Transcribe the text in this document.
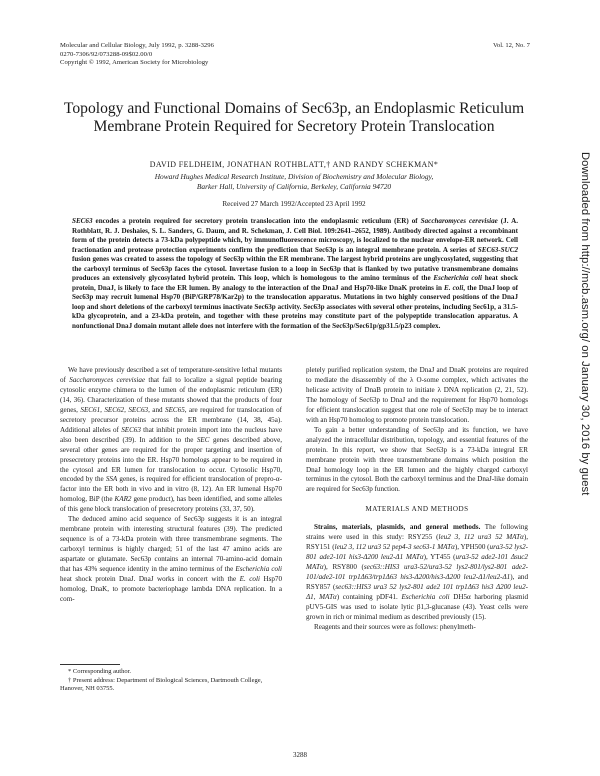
Molecular and Cellular Biology, July 1992, p. 3288-3296
0270-7306/92/073288-09$02.00/0
Copyright © 1992, American Society for Microbiology
Vol. 12, No. 7
Downloaded from http://mcb.asm.org/ on January 30, 2016 by guest
Topology and Functional Domains of Sec63p, an Endoplasmic Reticulum Membrane Protein Required for Secretory Protein Translocation
DAVID FELDHEIM, JONATHAN ROTHBLATT,† AND RANDY SCHEKMAN*
Howard Hughes Medical Research Institute, Division of Biochemistry and Molecular Biology,
Barker Hall, University of California, Berkeley, California 94720
Received 27 March 1992/Accepted 23 April 1992

SEC63 encodes a protein required for secretory protein translocation into the endoplasmic reticulum (ER) of Saccharomyces cerevisiae (J. A. Rothblatt, R. J. Deshaies, S. L. Sanders, G. Daum, and R. Schekman, J. Cell Biol. 109:2641–2652, 1989). Antibody directed against a recombinant form of the protein detects a 73-kDa polypeptide which, by immunofluorescence microscopy, is localized to the nuclear envelope-ER network. Cell fractionation and protease protection experiments confirm the prediction that Sec63p is an integral membrane protein. A series of SEC63-SUC2 fusion genes was created to assess the topology of Sec63p within the ER membrane. The largest hybrid proteins are unglycosylated, suggesting that the carboxyl terminus of Sec63p faces the cytosol. Invertase fusion to a loop in Sec63p that is flanked by two putative transmembrane domains produces an extensively glycosylated hybrid protein. This loop, which is homologous to the amino terminus of the Escherichia coli heat shock protein, DnaJ, is likely to face the ER lumen. By analogy to the interaction of the DnaJ and Hsp70-like DnaK proteins in E. coli, the DnaJ loop of Sec63p may recruit lumenal Hsp70 (BiP/GRP78/Kar2p) to the translocation apparatus. Mutations in two highly conserved positions of the DnaJ loop and short deletions of the carboxyl terminus inactivate Sec63p activity. Sec63p associates with several other proteins, including Sec61p, a 31.5-kDa glycoprotein, and a 23-kDa protein, and together with these proteins may constitute part of the polypeptide translocation apparatus. A nonfunctional DnaJ domain mutant allele does not interfere with the formation of the Sec63p/Sec61p/gp31.5/p23 complex.

We have previously described a set of temperature-sensitive lethal mutants of Saccharomyces cerevisiae that fail to localize a signal peptide bearing cytosolic enzyme chimera to the lumen of the endoplasmic reticulum (ER) (14, 36). Characterization of these mutants showed that the products of four genes, SEC61, SEC62, SEC63, and SEC65, are required for translocation of secretory precursor proteins across the ER membrane (14, 38, 45a). Additional alleles of SEC63 that inhibit protein import into the nucleus have also been described (39). In addition to the SEC genes described above, several other genes are required for the proper targeting and insertion of presecretory proteins into the ER. Hsp70 homologs appear to be required in the cytosol and ER lumen for translocation to occur. Cytosolic Hsp70, encoded by the SSA genes, is required for efficient translocation of prepro-α-factor into the ER both in vivo and in vitro (8, 12). An ER lumenal Hsp70 homolog, BiP (the KAR2 gene product), has been identified, and some alleles of this gene block translocation of presecretory proteins (33, 37, 50).

The deduced amino acid sequence of Sec63p suggests it is an integral membrane protein with interesting structural features (39). The predicted sequence is of a 73-kDa protein with three transmembrane segments. The carboxyl terminus is highly charged; 51 of the last 47 amino acids are aspartate or glutamate. Sec63p contains an internal 70-amino-acid domain that has 43% sequence identity in the amino terminus of the Escherichia coli heat shock protein DnaJ. DnaJ works in concert with the E. coli Hsp70 homolog, DnaK, to promote bacteriophage lambda DNA replication. In a com-

pletely purified replication system, the DnaJ and DnaK proteins are required to mediate the disassembly of the λ O-some complex, which activates the helicase activity of DnaB protein to initiate λ DNA replication (2, 21, 52). The homology of Sec63p to DnaJ and the requirement for Hsp70 homologs for efficient translocation suggest that one role of Sec63p may be to interact with an Hsp70 homolog to promote protein translocation.

To gain a better understanding of Sec63p and its function, we have analyzed the intracellular distribution, topology, and essential features of the protein. In this report, we show that Sec63p is a 73-kDa integral ER membrane protein with three transmembrane domains which position the DnaJ homology loop in the ER lumen and the highly charged carboxyl terminus in the cytosol. Both the carboxyl terminus and the DnaJ-like domain are required for Sec63p function.

MATERIALS AND METHODS

Strains, materials, plasmids, and general methods. The following strains were used in this study: RSY255 (leu2 3, 112 ura3 52 MATα), RSY151 (leu2 3, 112 ura3 52 pep4-3 sec63-1 MATα), YPH500 (ura3-52 lys2-801 ade2-101 his3-Δ200 leu2-Δ1 MATα), YT455 (ura3-52 ade2-101 Δsuc2 MATα), RSY800 (sec63::HIS3 ura3-52/ura3-52 lys2-801/lys2-801 ade2-101/ade2-101 trp1Δ63/trp1Δ63 his3-Δ200/his3-Δ200 leu2-Δ1/leu2-Δ1), and RSY857 (sec63::HIS3 ura3 52 lys2-801 ade2 101 trp1Δ63 his3 Δ200 leu2-Δ1, MATα) containing pDF41. Escherichia coli DH5α harboring plasmid pUV5-GIS was used to isolate lytic β1,3-glucanase (43). Yeast cells were grown in rich or minimal medium as described previously (15).

Reagents and their sources were as follows: phenylmeth-

* Corresponding author.

† Present address: Department of Biological Sciences, Dartmouth College, Hanover, NH 03755.

3288
